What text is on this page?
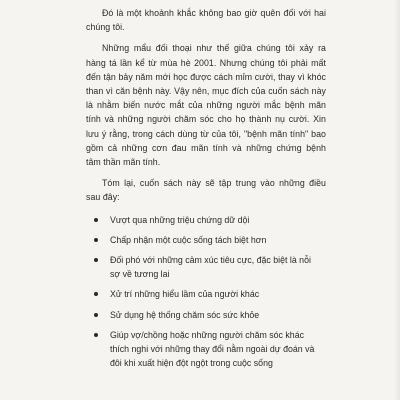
Đó là một khoảnh khắc không bao giờ quên đối với hai
chúng tôi.
Những mẩu đối thoại như thế giữa chúng tôi xảy ra
hàng tá lần kể từ mùa hè 2001. Nhưng chúng tôi phải mất
đến tận bảy năm mới học được cách mỉm cười, thay vì khóc
than vì căn bệnh này. Vậy nên, mục đích của cuốn sách này
là nhằm biến nước mắt của những người mắc bệnh mãn
tính và những người chăm sóc cho họ thành nụ cười. Xin
lưu ý rằng, trong cách dùng từ của tôi, "bệnh mãn tính" bao
gồm cả những cơn đau mãn tính và những chứng bệnh
tâm thần mãn tính.
Tóm lại, cuốn sách này sẽ tập trung vào những điều
sau đây:
Vượt qua những triệu chứng dữ dội
Chấp nhận một cuộc sống tách biệt hơn
Đối phó với những cảm xúc tiêu cực, đặc biệt là nỗi
sợ về tương lai
Xử trí những hiểu lầm của người khác
Sử dụng hệ thống chăm sóc sức khỏe
Giúp vợ/chồng hoặc những người chăm sóc khác
thích nghi với những thay đổi nằm ngoài dự đoán và
đôi khi xuất hiện đột ngột trong cuộc sống
